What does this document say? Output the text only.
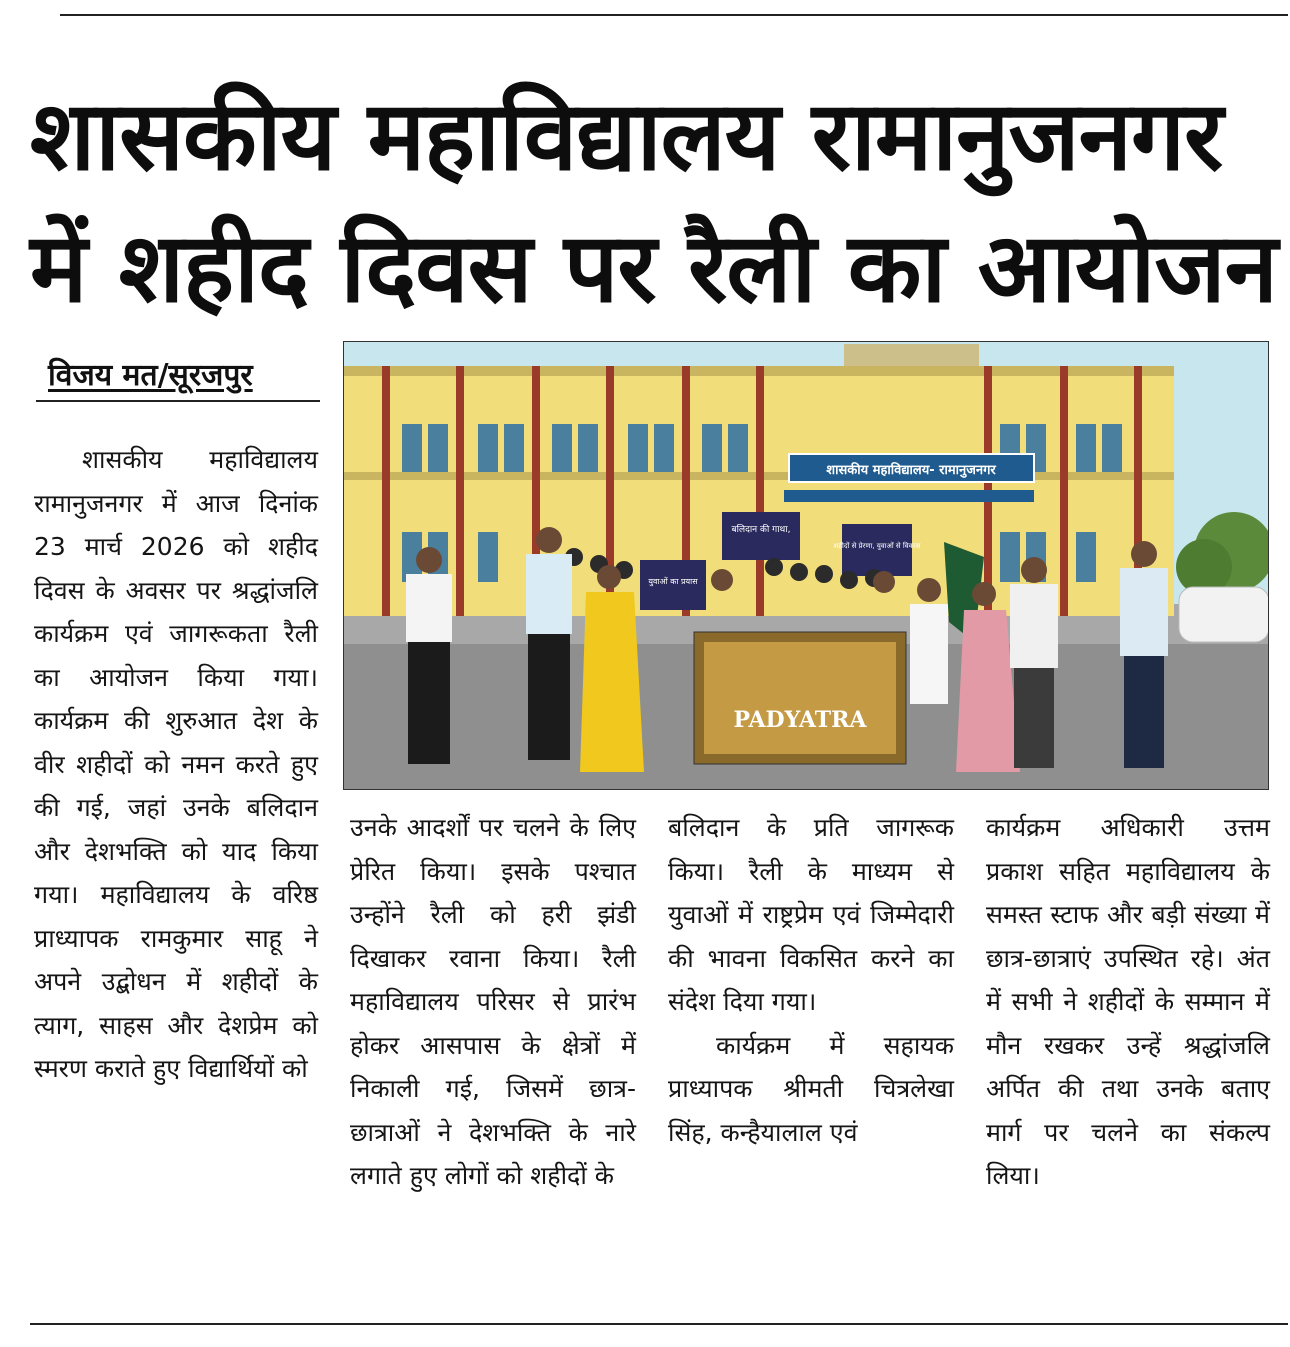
शासकीय महाविद्यालय रामानुजनगर
में शहीद दिवस पर रैली का आयोजन
विजय मत/सूरजपुर

शासकीय महाविद्यालय रामानुजनगर में आज दिनांक 23 मार्च 2026 को शहीद दिवस के अवसर पर श्रद्धांजलि कार्यक्रम एवं जागरूकता रैली का आयोजन किया गया। कार्यक्रम की शुरुआत देश के वीर शहीदों को नमन करते हुए की गई, जहां उनके बलिदान और देशभक्ति को याद किया गया। महाविद्यालय के वरिष्ठ प्राध्यापक रामकुमार साहू ने अपने उद्बोधन में शहीदों के त्याग, साहस और देशप्रेम को स्मरण कराते हुए विद्यार्थियों को

शासकीय महाविद्यालय- रामानुजनगर
बलिदान की गाथा,
युवाओं का प्रयास
शहीदों से प्रेरणा, युवाओं से विकास
PADYATRA

उनके आदर्शों पर चलने के लिए प्रेरित किया। इसके पश्चात उन्होंने रैली को हरी झंडी दिखाकर रवाना किया। रैली महाविद्यालय परिसर से प्रारंभ होकर आसपास के क्षेत्रों में निकाली गई, जिसमें छात्र-छात्राओं ने देशभक्ति के नारे लगाते हुए लोगों को शहीदों के

बलिदान के प्रति जागरूक किया। रैली के माध्यम से युवाओं में राष्ट्रप्रेम एवं जिम्मेदारी की भावना विकसित करने का संदेश दिया गया।

कार्यक्रम में सहायक प्राध्यापक श्रीमती चित्रलेखा सिंह, कन्हैयालाल एवं

कार्यक्रम अधिकारी उत्तम प्रकाश सहित महाविद्यालय के समस्त स्टाफ और बड़ी संख्या में छात्र-छात्राएं उपस्थित रहे। अंत में सभी ने शहीदों के सम्मान में मौन रखकर उन्हें श्रद्धांजलि अर्पित की तथा उनके बताए मार्ग पर चलने का संकल्प लिया।
